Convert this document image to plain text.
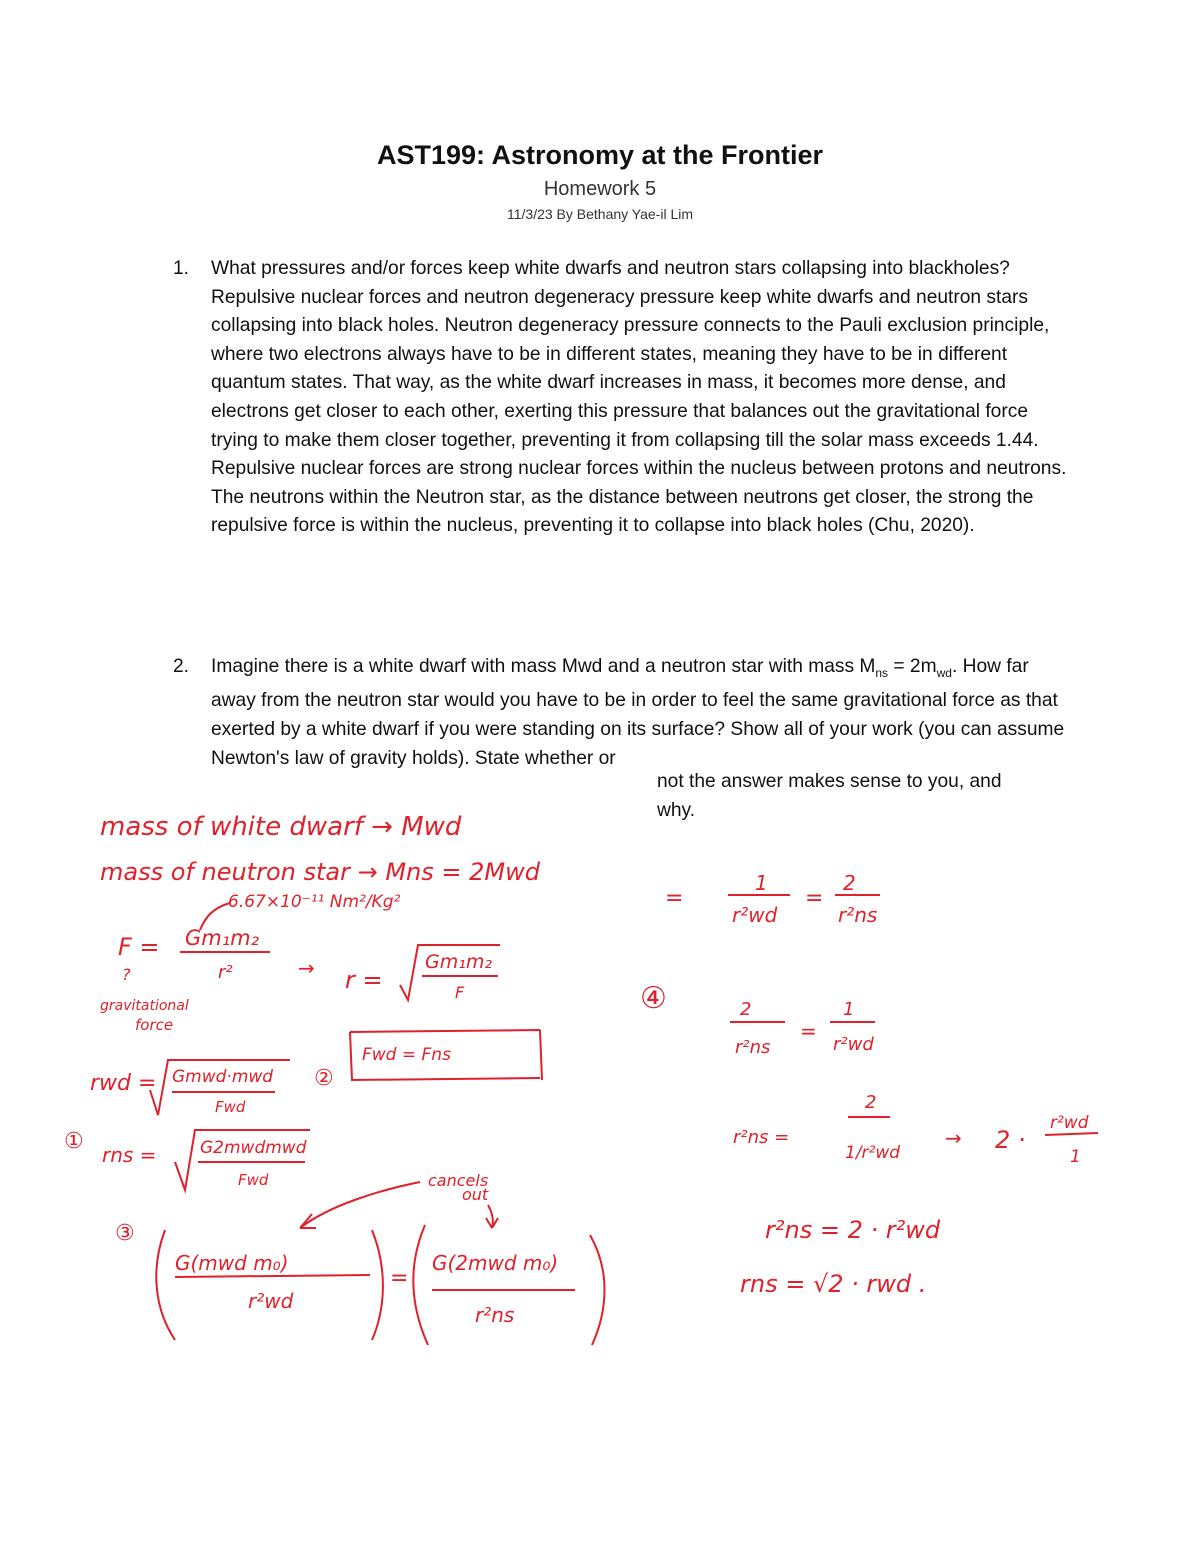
AST199: Astronomy at the Frontier
Homework 5
11/3/23 By Bethany Yae-il Lim
1. What pressures and/or forces keep white dwarfs and neutron stars collapsing into blackholes?
Repulsive nuclear forces and neutron degeneracy pressure keep white dwarfs and neutron stars collapsing into black holes. Neutron degeneracy pressure connects to the Pauli exclusion principle, where two electrons always have to be in different states, meaning they have to be in different quantum states. That way, as the white dwarf increases in mass, it becomes more dense, and electrons get closer to each other, exerting this pressure that balances out the gravitational force trying to make them closer together, preventing it from collapsing till the solar mass exceeds 1.44. Repulsive nuclear forces are strong nuclear forces within the nucleus between protons and neutrons. The neutrons within the Neutron star, as the distance between neutrons get closer, the strong the repulsive force is within the nucleus, preventing it to collapse into black holes (Chu, 2020).
2. Imagine there is a white dwarf with mass Mwd and a neutron star with mass $M_{ns} = 2m_{wd}$. How far away from the neutron star would you have to be in order to feel the same gravitational force as that exerted by a white dwarf if you were standing on its surface? Show all of your work (you can assume Newton's law of gravity holds). State whether or
not the answer makes sense to you, and
why.
mass of white dwarf → Mwd
mass of neutron star → Mns = 2Mwd
6.67×10⁻¹¹ Nm²/Kg²
F = Gm₁m₂
r²	→ r =
Gm₁m₂
F
?
gravitational
force
②
Fwd = Fns
rwd = Gmwd·mwd
Fwd
①
rns =	G2mwdmwd
Fwd	cancels
out
③
G(mwd m₀)
r²wd
=
G(2mwd m₀)
r²ns
=
1
r²wd
=
2
r²ns
④	2
r²ns
=
1
r²wd
r²ns =
2
1/r²wd
→ 2 ·
r²wd
1
r²ns = 2 · r²wd
rns = √2 · rwd .
